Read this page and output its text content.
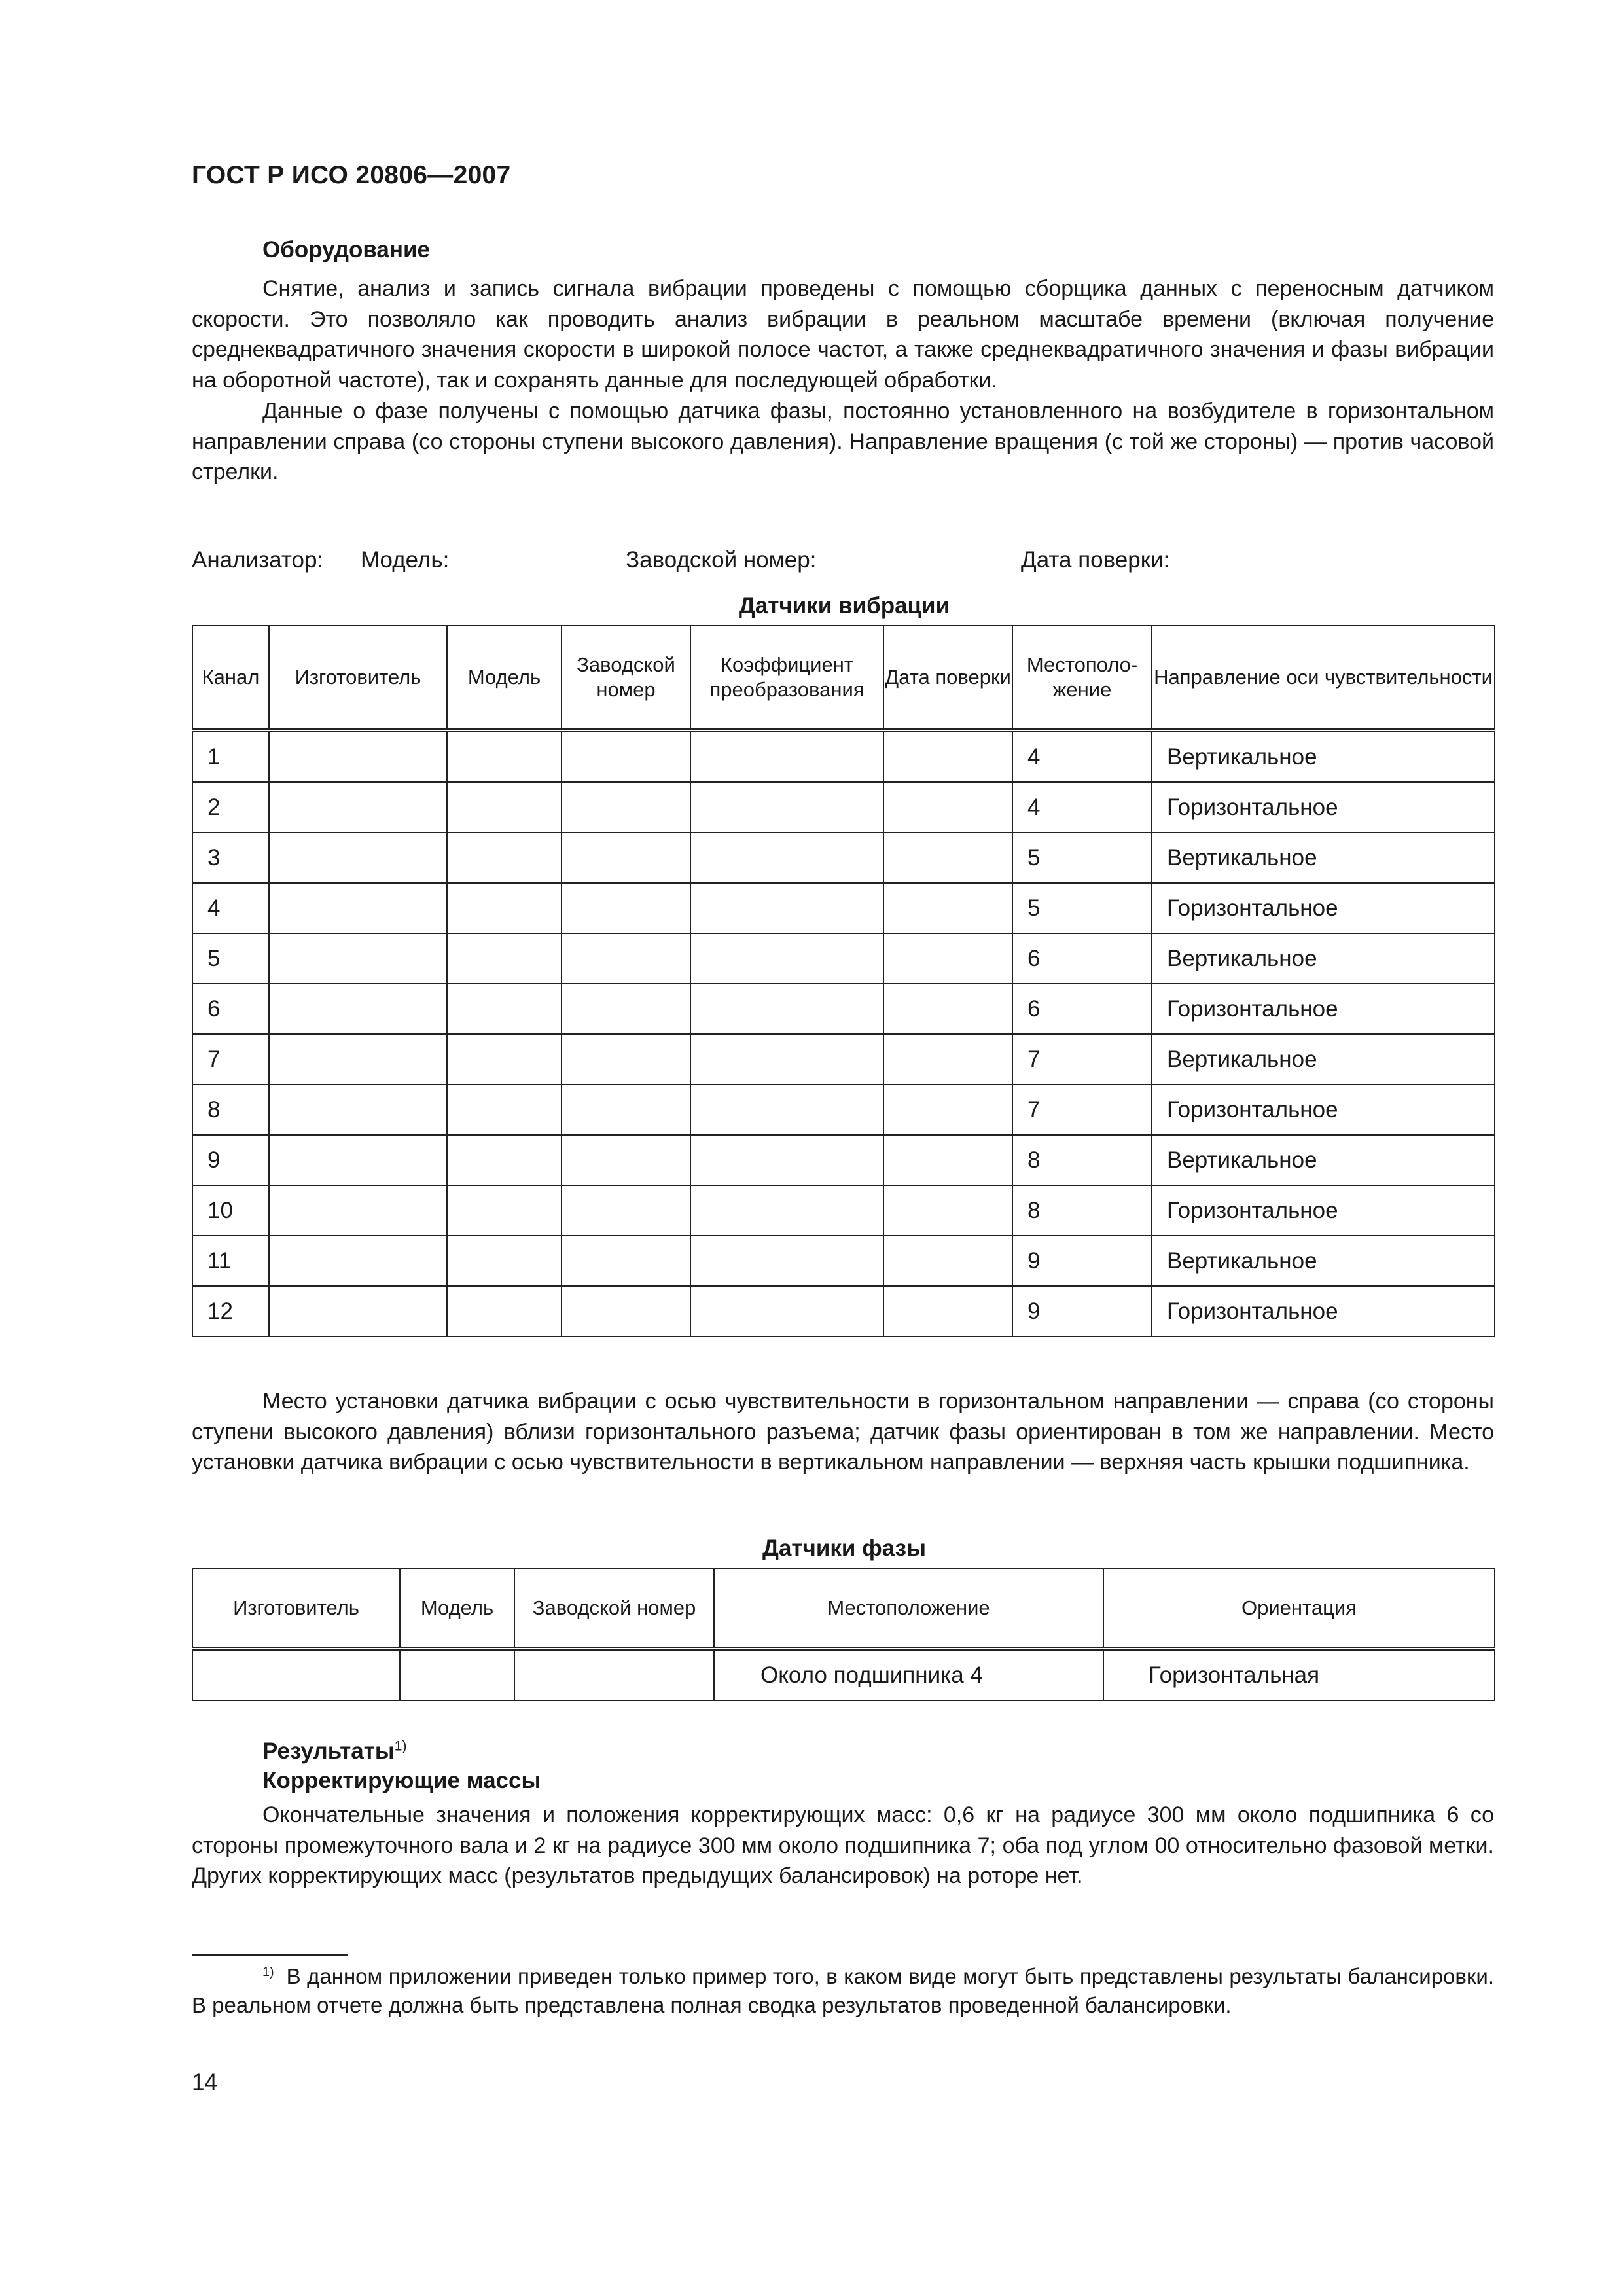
ГОСТ Р ИСО 20806—2007
Оборудование
Снятие, анализ и запись сигнала вибрации проведены с помощью сборщика данных с переносным датчиком скорости. Это позволяло как проводить анализ вибрации в реальном масштабе времени (включая получение среднеквадратичного значения скорости в широкой полосе частот, а также среднеквадратичного значения и фазы вибрации на оборотной частоте), так и сохранять данные для последующей обработки.
Данные о фазе получены с помощью датчика фазы, постоянно установленного на возбудителе в горизонтальном направлении справа (со стороны ступени высокого давления). Направление вращения (с той же стороны) — против часовой стрелки.
Анализатор: Модель:	Заводской номер:	Дата поверки:
Датчики вибрации
Канал	Изготовитель	Модель	Заводской номер	Коэффициент преобразования	Дата поверки	Местополо-жение	Направление оси чувствительности
1						4	Вертикальное
2						4	Горизонтальное
3						5	Вертикальное
4						5	Горизонтальное
5						6	Вертикальное
6						6	Горизонтальное
7						7	Вертикальное
8						7	Горизонтальное
9						8	Вертикальное
10						8	Горизонтальное
11						9	Вертикальное
12						9	Горизонтальное
Место установки датчика вибрации с осью чувствительности в горизонтальном направлении — справа (со стороны ступени высокого давления) вблизи горизонтального разъема; датчик фазы ориентирован в том же направлении. Место установки датчика вибрации с осью чувствительности в вертикальном направлении — верхняя часть крышки подшипника.
Датчики фазы
Изготовитель	Модель	Заводской номер	Местоположение	Ориентация
			Около подшипника 4	Горизонтальная
Результаты$^{1)}$
Корректирующие массы
Окончательные значения и положения корректирующих масс: 0,6 кг на радиусе 300 мм около подшипника 6 со стороны промежуточного вала и 2 кг на радиусе 300 мм около подшипника 7; оба под углом 00 относительно фазовой метки. Других корректирующих масс (результатов предыдущих балансировок) на роторе нет.
$^{1)}$ В данном приложении приведен только пример того, в каком виде могут быть представлены результаты балансировки. В реальном отчете должна быть представлена полная сводка результатов проведенной балансировки.
14
